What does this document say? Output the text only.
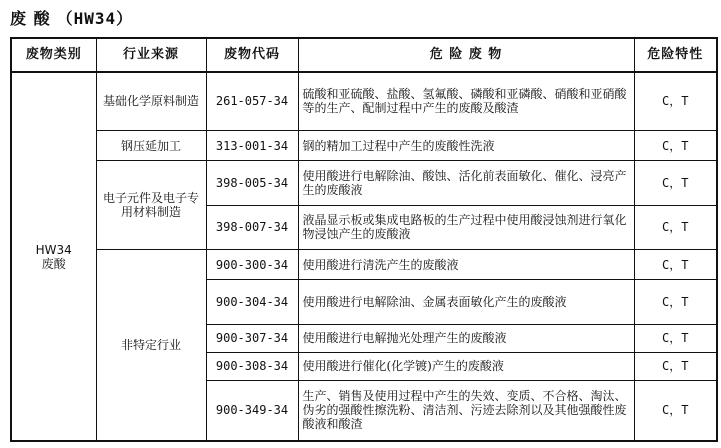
废 酸 （HW34）
废物类别	行业来源	废物代码	危 险 废 物	危险特性

HW34
废酸	基础化学原料制造	261-057-34	硫酸和亚硫酸、盐酸、氢氟酸、磷酸和亚磷酸、硝酸和亚硝酸等的生产、配制过程中产生的废酸及酸渣	C，T
	钢压延加工	313-001-34	钢的精加工过程中产生的废酸性洗液	C，T
	电子元件及电子专用材料制造	398-005-34	使用酸进行电解除油、酸蚀、活化前表面敏化、催化、浸亮产生的废酸液	C，T
		398-007-34	液晶显示板或集成电路板的生产过程中使用酸浸蚀剂进行氧化物浸蚀产生的废酸液	C，T
	非特定行业	900-300-34	使用酸进行清洗产生的废酸液	C，T
		900-304-34	使用酸进行电解除油、金属表面敏化产生的废酸液	C，T
		900-307-34	使用酸进行电解抛光处理产生的废酸液	C，T
		900-308-34	使用酸进行催化(化学镀)产生的废酸液	C，T
		900-349-34	生产、销售及使用过程中产生的失效、变质、不合格、淘汰、伪劣的强酸性擦洗粉、清洁剂、污迹去除剂以及其他强酸性废酸液和酸渣	C，T
